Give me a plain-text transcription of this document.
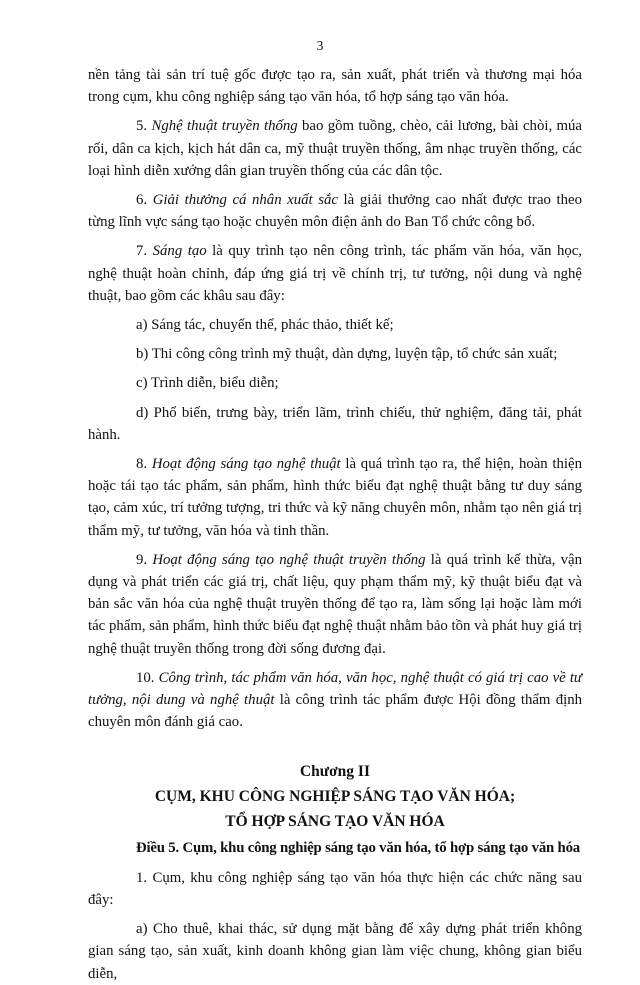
3

nền tảng tài sản trí tuệ gốc được tạo ra, sản xuất, phát triển và thương mại hóa trong cụm, khu công nghiệp sáng tạo văn hóa, tổ hợp sáng tạo văn hóa.

5. Nghệ thuật truyền thống bao gồm tuồng, chèo, cải lương, bài chòi, múa rối, dân ca kịch, kịch hát dân ca, mỹ thuật truyền thống, âm nhạc truyền thống, các loại hình diễn xướng dân gian truyền thống của các dân tộc.

6. Giải thưởng cá nhân xuất sắc là giải thưởng cao nhất được trao theo từng lĩnh vực sáng tạo hoặc chuyên môn điện ảnh do Ban Tổ chức công bố.

7. Sáng tạo là quy trình tạo nên công trình, tác phẩm văn hóa, văn học, nghệ thuật hoàn chỉnh, đáp ứng giá trị về chính trị, tư tưởng, nội dung và nghệ thuật, bao gồm các khâu sau đây:

a) Sáng tác, chuyển thể, phác thảo, thiết kế;

b) Thi công công trình mỹ thuật, dàn dựng, luyện tập, tổ chức sản xuất;

c) Trình diễn, biểu diễn;

d) Phổ biến, trưng bày, triển lãm, trình chiếu, thử nghiệm, đăng tải, phát hành.

8. Hoạt động sáng tạo nghệ thuật là quá trình tạo ra, thể hiện, hoàn thiện hoặc tái tạo tác phẩm, sản phẩm, hình thức biểu đạt nghệ thuật bằng tư duy sáng tạo, cảm xúc, trí tưởng tượng, tri thức và kỹ năng chuyên môn, nhằm tạo nên giá trị thẩm mỹ, tư tưởng, văn hóa và tinh thần.

9. Hoạt động sáng tạo nghệ thuật truyền thống là quá trình kế thừa, vận dụng và phát triển các giá trị, chất liệu, quy phạm thẩm mỹ, kỹ thuật biểu đạt và bản sắc văn hóa của nghệ thuật truyền thống để tạo ra, làm sống lại hoặc làm mới tác phẩm, sản phẩm, hình thức biểu đạt nghệ thuật nhằm bảo tồn và phát huy giá trị nghệ thuật truyền thống trong đời sống đương đại.

10. Công trình, tác phẩm văn hóa, văn học, nghệ thuật có giá trị cao về tư tưởng, nội dung và nghệ thuật là công trình tác phẩm được Hội đồng thẩm định chuyên môn đánh giá cao.

Chương II

CỤM, KHU CÔNG NGHIỆP SÁNG TẠO VĂN HÓA;

TỔ HỢP SÁNG TẠO VĂN HÓA

Điều 5. Cụm, khu công nghiệp sáng tạo văn hóa, tổ hợp sáng tạo văn hóa

1. Cụm, khu công nghiệp sáng tạo văn hóa thực hiện các chức năng sau đây:

a) Cho thuê, khai thác, sử dụng mặt bằng để xây dựng phát triển không gian sáng tạo, sản xuất, kinh doanh không gian làm việc chung, không gian biểu diễn,
